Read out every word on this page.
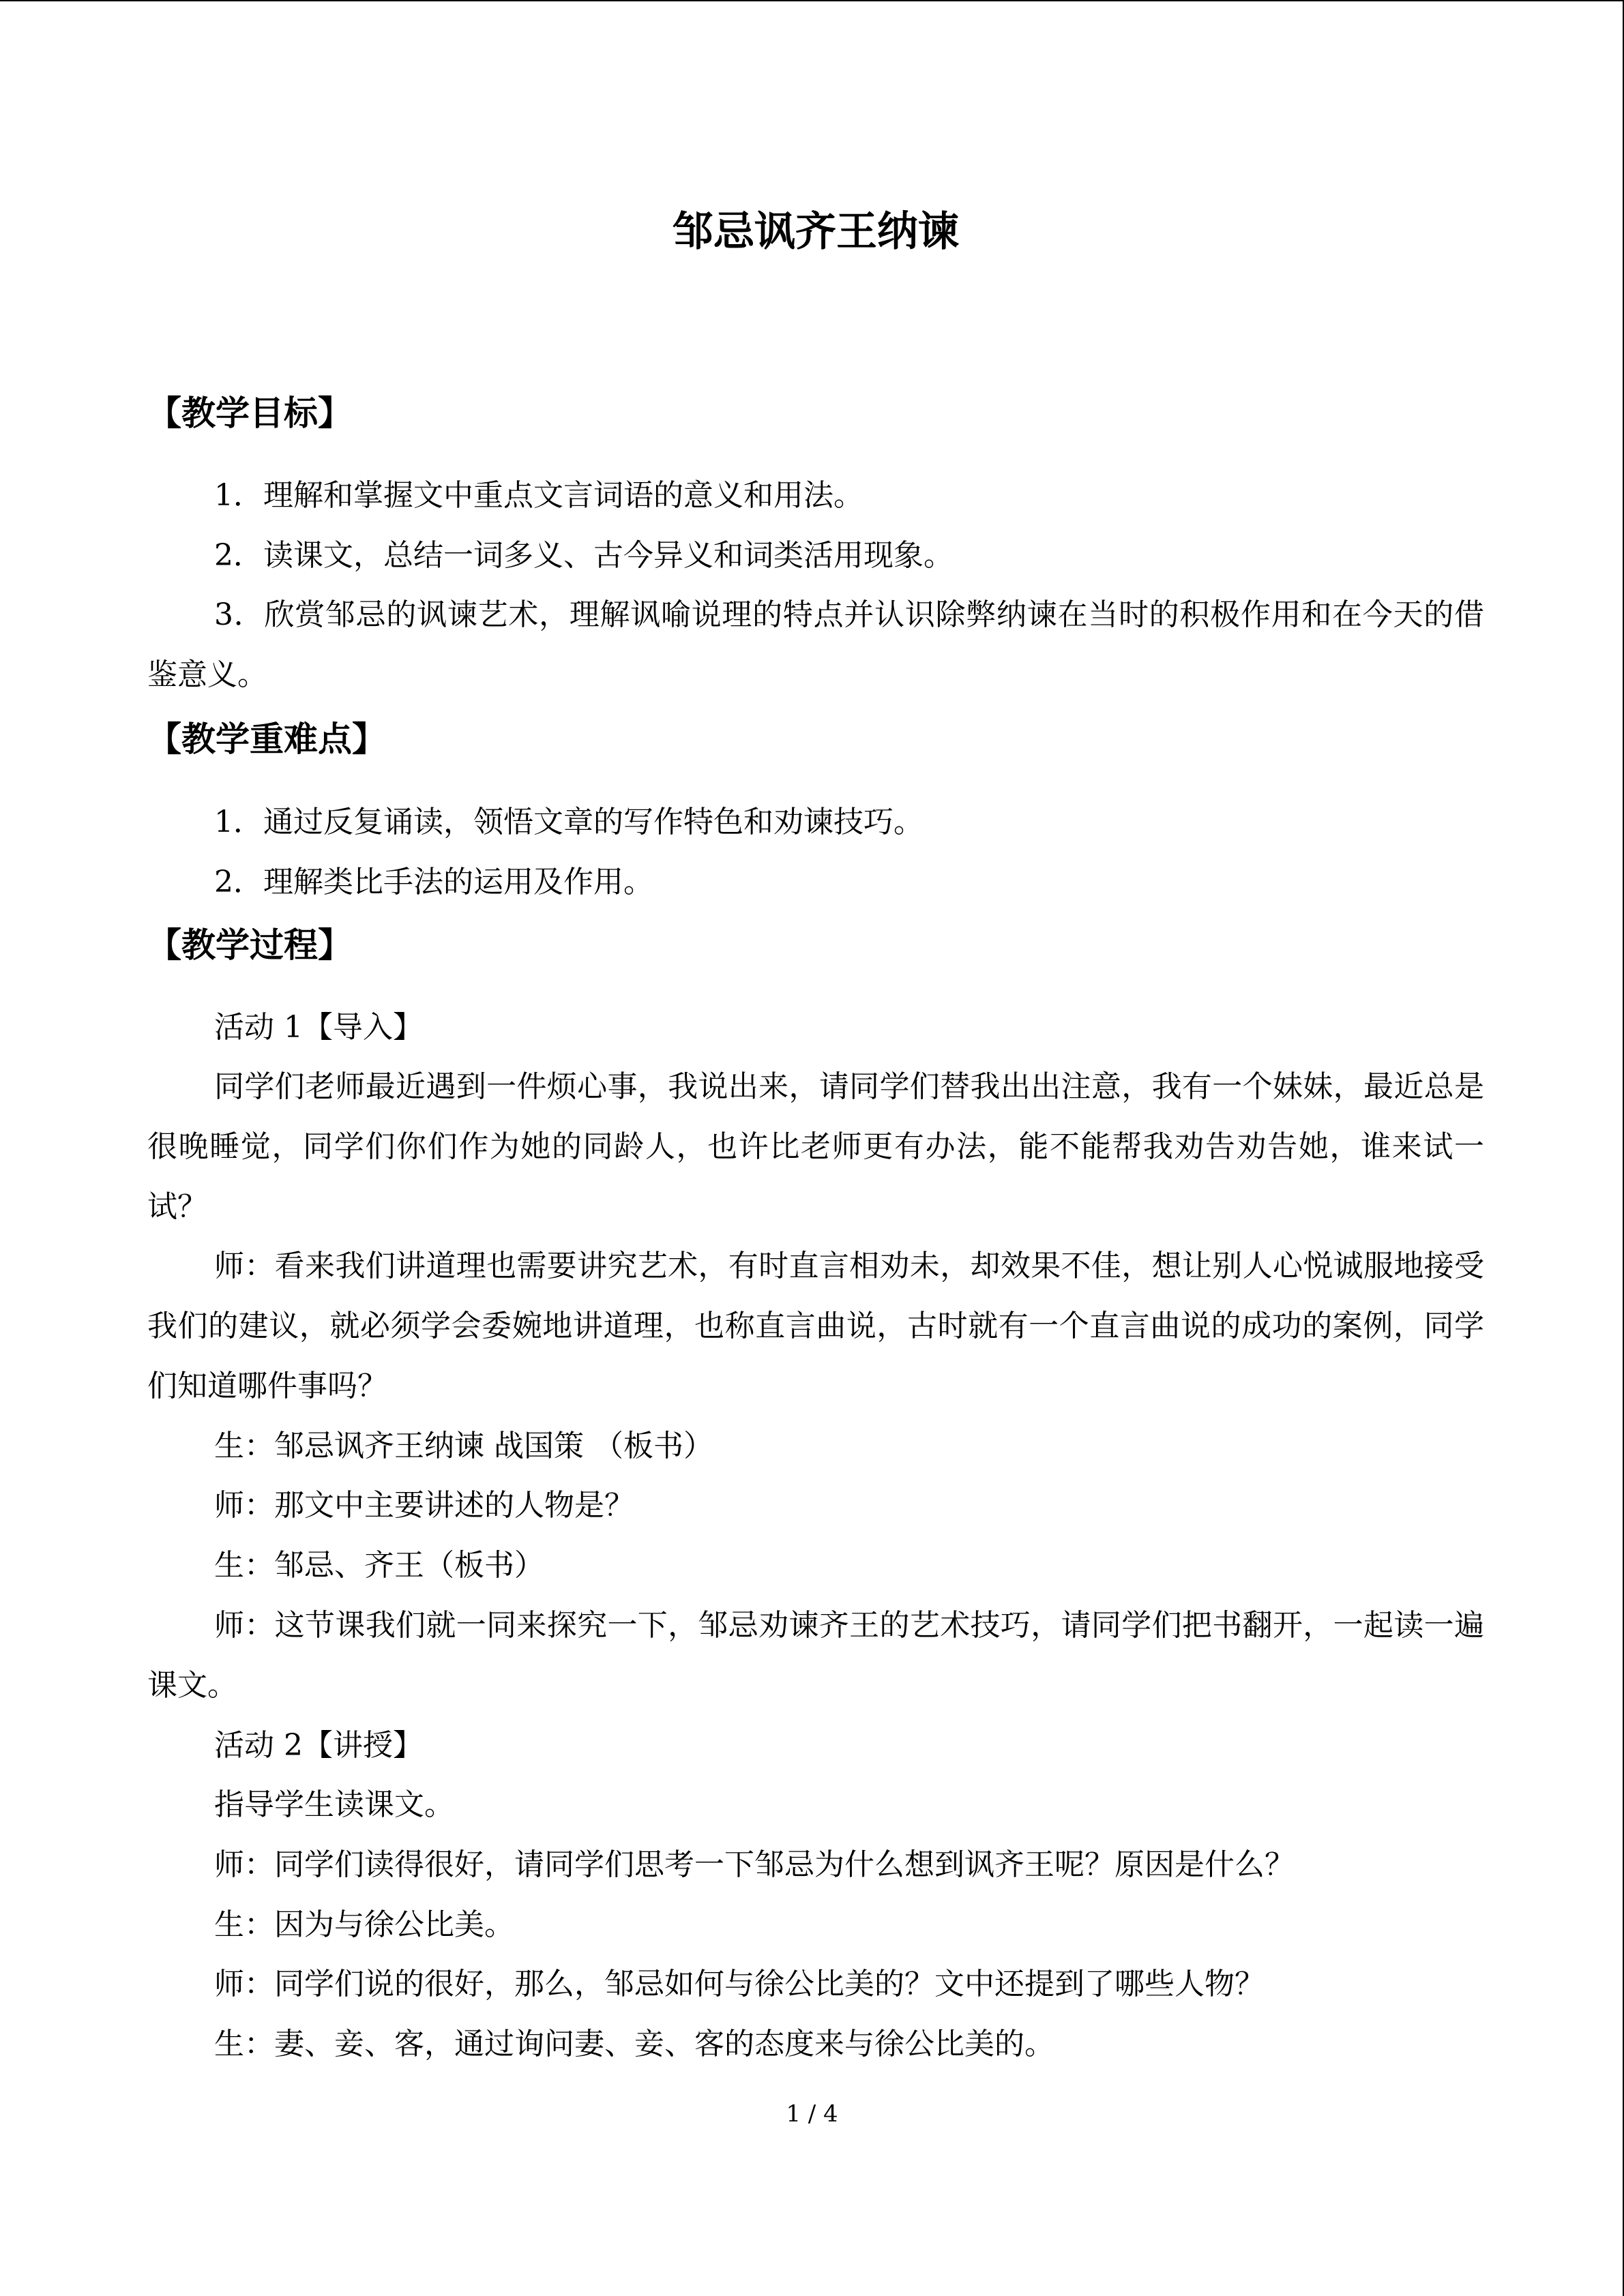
邹忌讽齐王纳谏
【教学目标】

1．理解和掌握文中重点文言词语的意义和用法。

2．读课文，总结一词多义、古今异义和词类活用现象。

3．欣赏邹忌的讽谏艺术，理解讽喻说理的特点并认识除弊纳谏在当时的积极作用和在今天的借鉴意义。

【教学重难点】

1．通过反复诵读，领悟文章的写作特色和劝谏技巧。

2．理解类比手法的运用及作用。

【教学过程】

活动 1【导入】

同学们老师最近遇到一件烦心事，我说出来，请同学们替我出出注意，我有一个妹妹，最近总是很晚睡觉，同学们你们作为她的同龄人，也许比老师更有办法，能不能帮我劝告劝告她，谁来试一试？

师：看来我们讲道理也需要讲究艺术，有时直言相劝未，却效果不佳，想让别人心悦诚服地接受我们的建议，就必须学会委婉地讲道理，也称直言曲说，古时就有一个直言曲说的成功的案例，同学们知道哪件事吗？

生：邹忌讽齐王纳谏 战国策 （板书）

师：那文中主要讲述的人物是？

生：邹忌、齐王（板书）

师：这节课我们就一同来探究一下，邹忌劝谏齐王的艺术技巧，请同学们把书翻开，一起读一遍课文。

活动 2【讲授】

指导学生读课文。

师：同学们读得很好，请同学们思考一下邹忌为什么想到讽齐王呢？原因是什么？

生：因为与徐公比美。

师：同学们说的很好，那么，邹忌如何与徐公比美的？文中还提到了哪些人物？

生：妻、妾、客，通过询问妻、妾、客的态度来与徐公比美的。

1 / 4
